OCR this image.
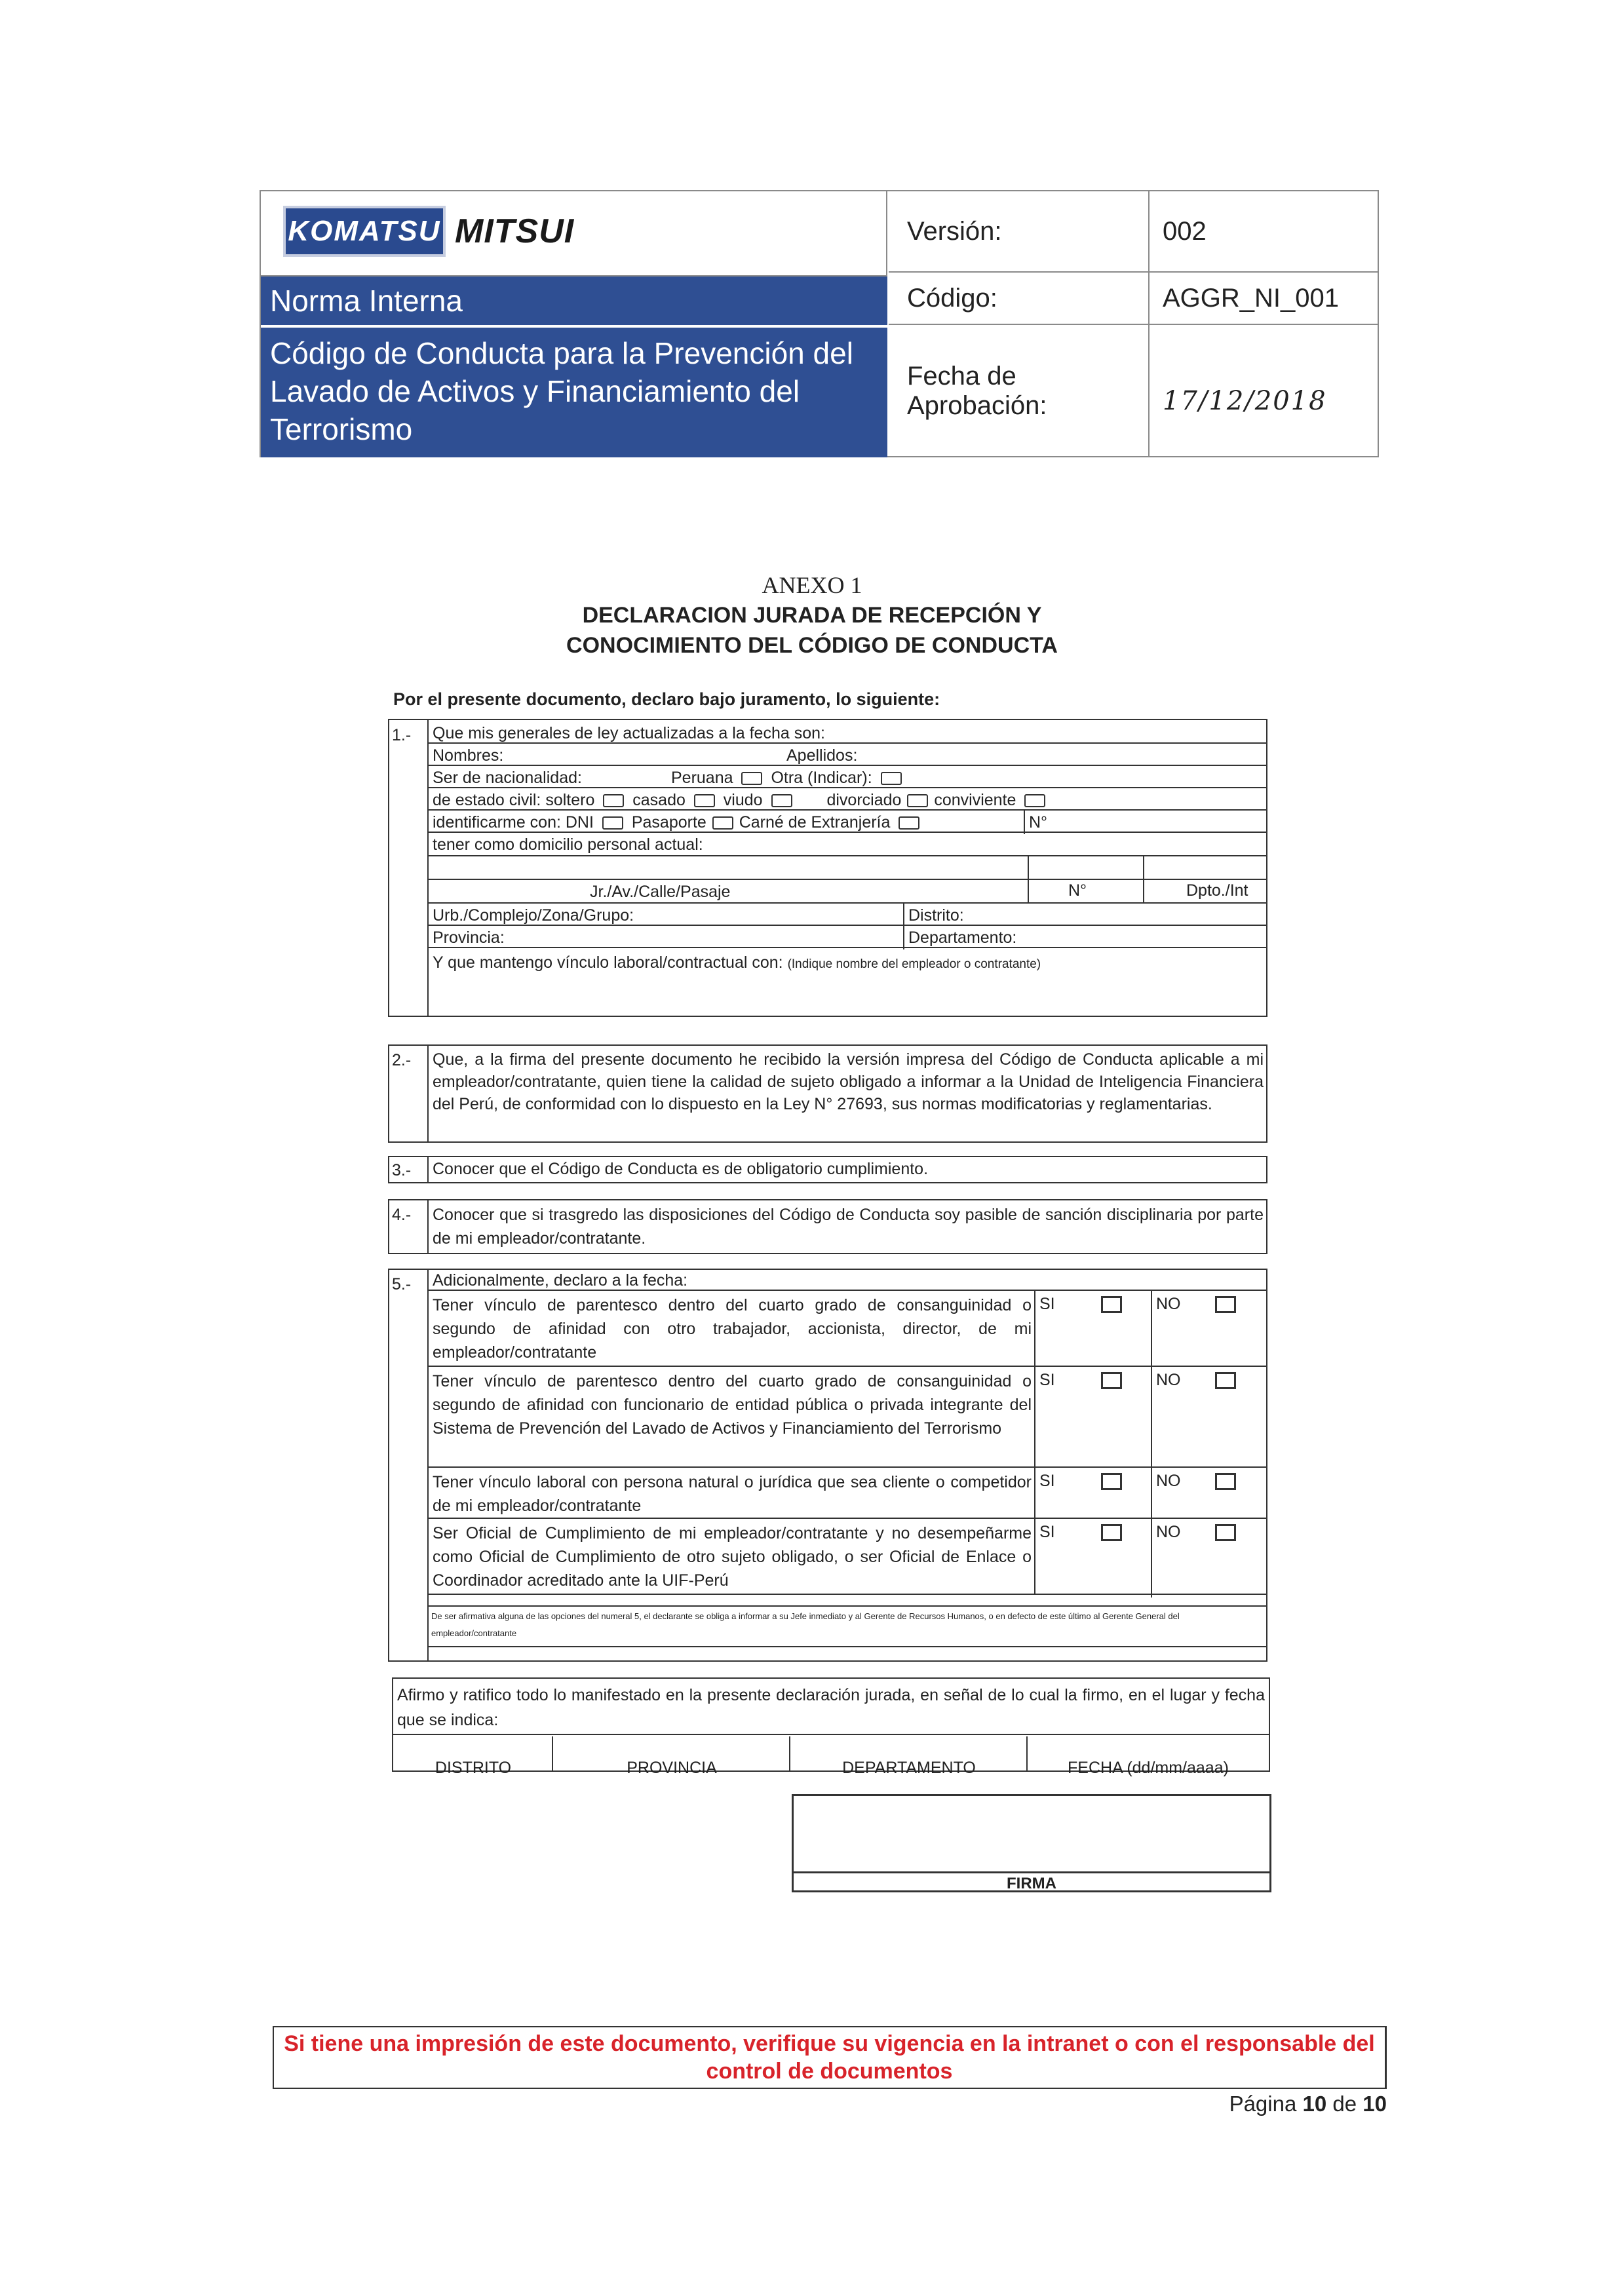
KOMATSU MITSUI
Norma Interna
Código de Conducta para la Prevención del Lavado de Activos y Financiamiento del Terrorismo
Versión:	002
Código:	AGGR_NI_001
Fecha de Aprobación:	17/12/2018
ANEXO 1
DECLARACION JURADA DE RECEPCIÓN Y
CONOCIMIENTO DEL CÓDIGO DE CONDUCTA
Por el presente documento, declaro bajo juramento, lo siguiente:
1.- Que mis generales de ley actualizadas a la fecha son:
Nombres:	Apellidos:
Ser de nacionalidad:	Peruana Otra (Indicar):
de estado civil: soltero casado viudo	divorciado conviviente
identificarme con: DNI Pasaporte Carné de Extranjería	N°
tener como domicilio personal actual:
Jr./Av./Calle/Pasaje	N°	Dpto./Int
Urb./Complejo/Zona/Grupo:	Distrito:
Provincia:	Departamento:
Y que mantengo vínculo laboral/contractual con: (Indique nombre del empleador o contratante)
2.-	Que, a la firma del presente documento he recibido la versión impresa del Código de Conducta aplicable a mi empleador/contratante, quien tiene la calidad de sujeto obligado a informar a la Unidad de Inteligencia Financiera del Perú, de conformidad con lo dispuesto en la Ley N° 27693, sus normas modificatorias y reglamentarias.
3.-	Conocer que el Código de Conducta es de obligatorio cumplimiento.
4.-	Conocer que si trasgredo las disposiciones del Código de Conducta soy pasible de sanción disciplinaria por parte de mi empleador/contratante.
5.- Adicionalmente, declaro a la fecha:
Tener vínculo de parentesco dentro del cuarto grado de consanguinidad o segundo de afinidad con otro trabajador, accionista, director, de mi empleador/contratante
SI	NO
Tener vínculo de parentesco dentro del cuarto grado de consanguinidad o segundo de afinidad con funcionario de entidad pública o privada integrante del Sistema de Prevención del Lavado de Activos y Financiamiento del Terrorismo
SI	NO
Tener vínculo laboral con persona natural o jurídica que sea cliente o competidor de mi empleador/contratante
SI	NO
Ser Oficial de Cumplimiento de mi empleador/contratante y no desempeñarme como Oficial de Cumplimiento de otro sujeto obligado, o ser Oficial de Enlace o Coordinador acreditado ante la UIF-Perú
SI	NO
De ser afirmativa alguna de las opciones del numeral 5, el declarante se obliga a informar a su Jefe inmediato y al Gerente de Recursos Humanos, o en defecto de este último al Gerente General del empleador/contratante
Afirmo y ratifico todo lo manifestado en la presente declaración jurada, en señal de lo cual la firmo, en el lugar y fecha que se indica:
DISTRITO	PROVINCIA	DEPARTAMENTO	FECHA (dd/mm/aaaa)
FIRMA
Si tiene una impresión de este documento, verifique su vigencia en la intranet o con el responsable del control de documentos
Página 10 de 10
